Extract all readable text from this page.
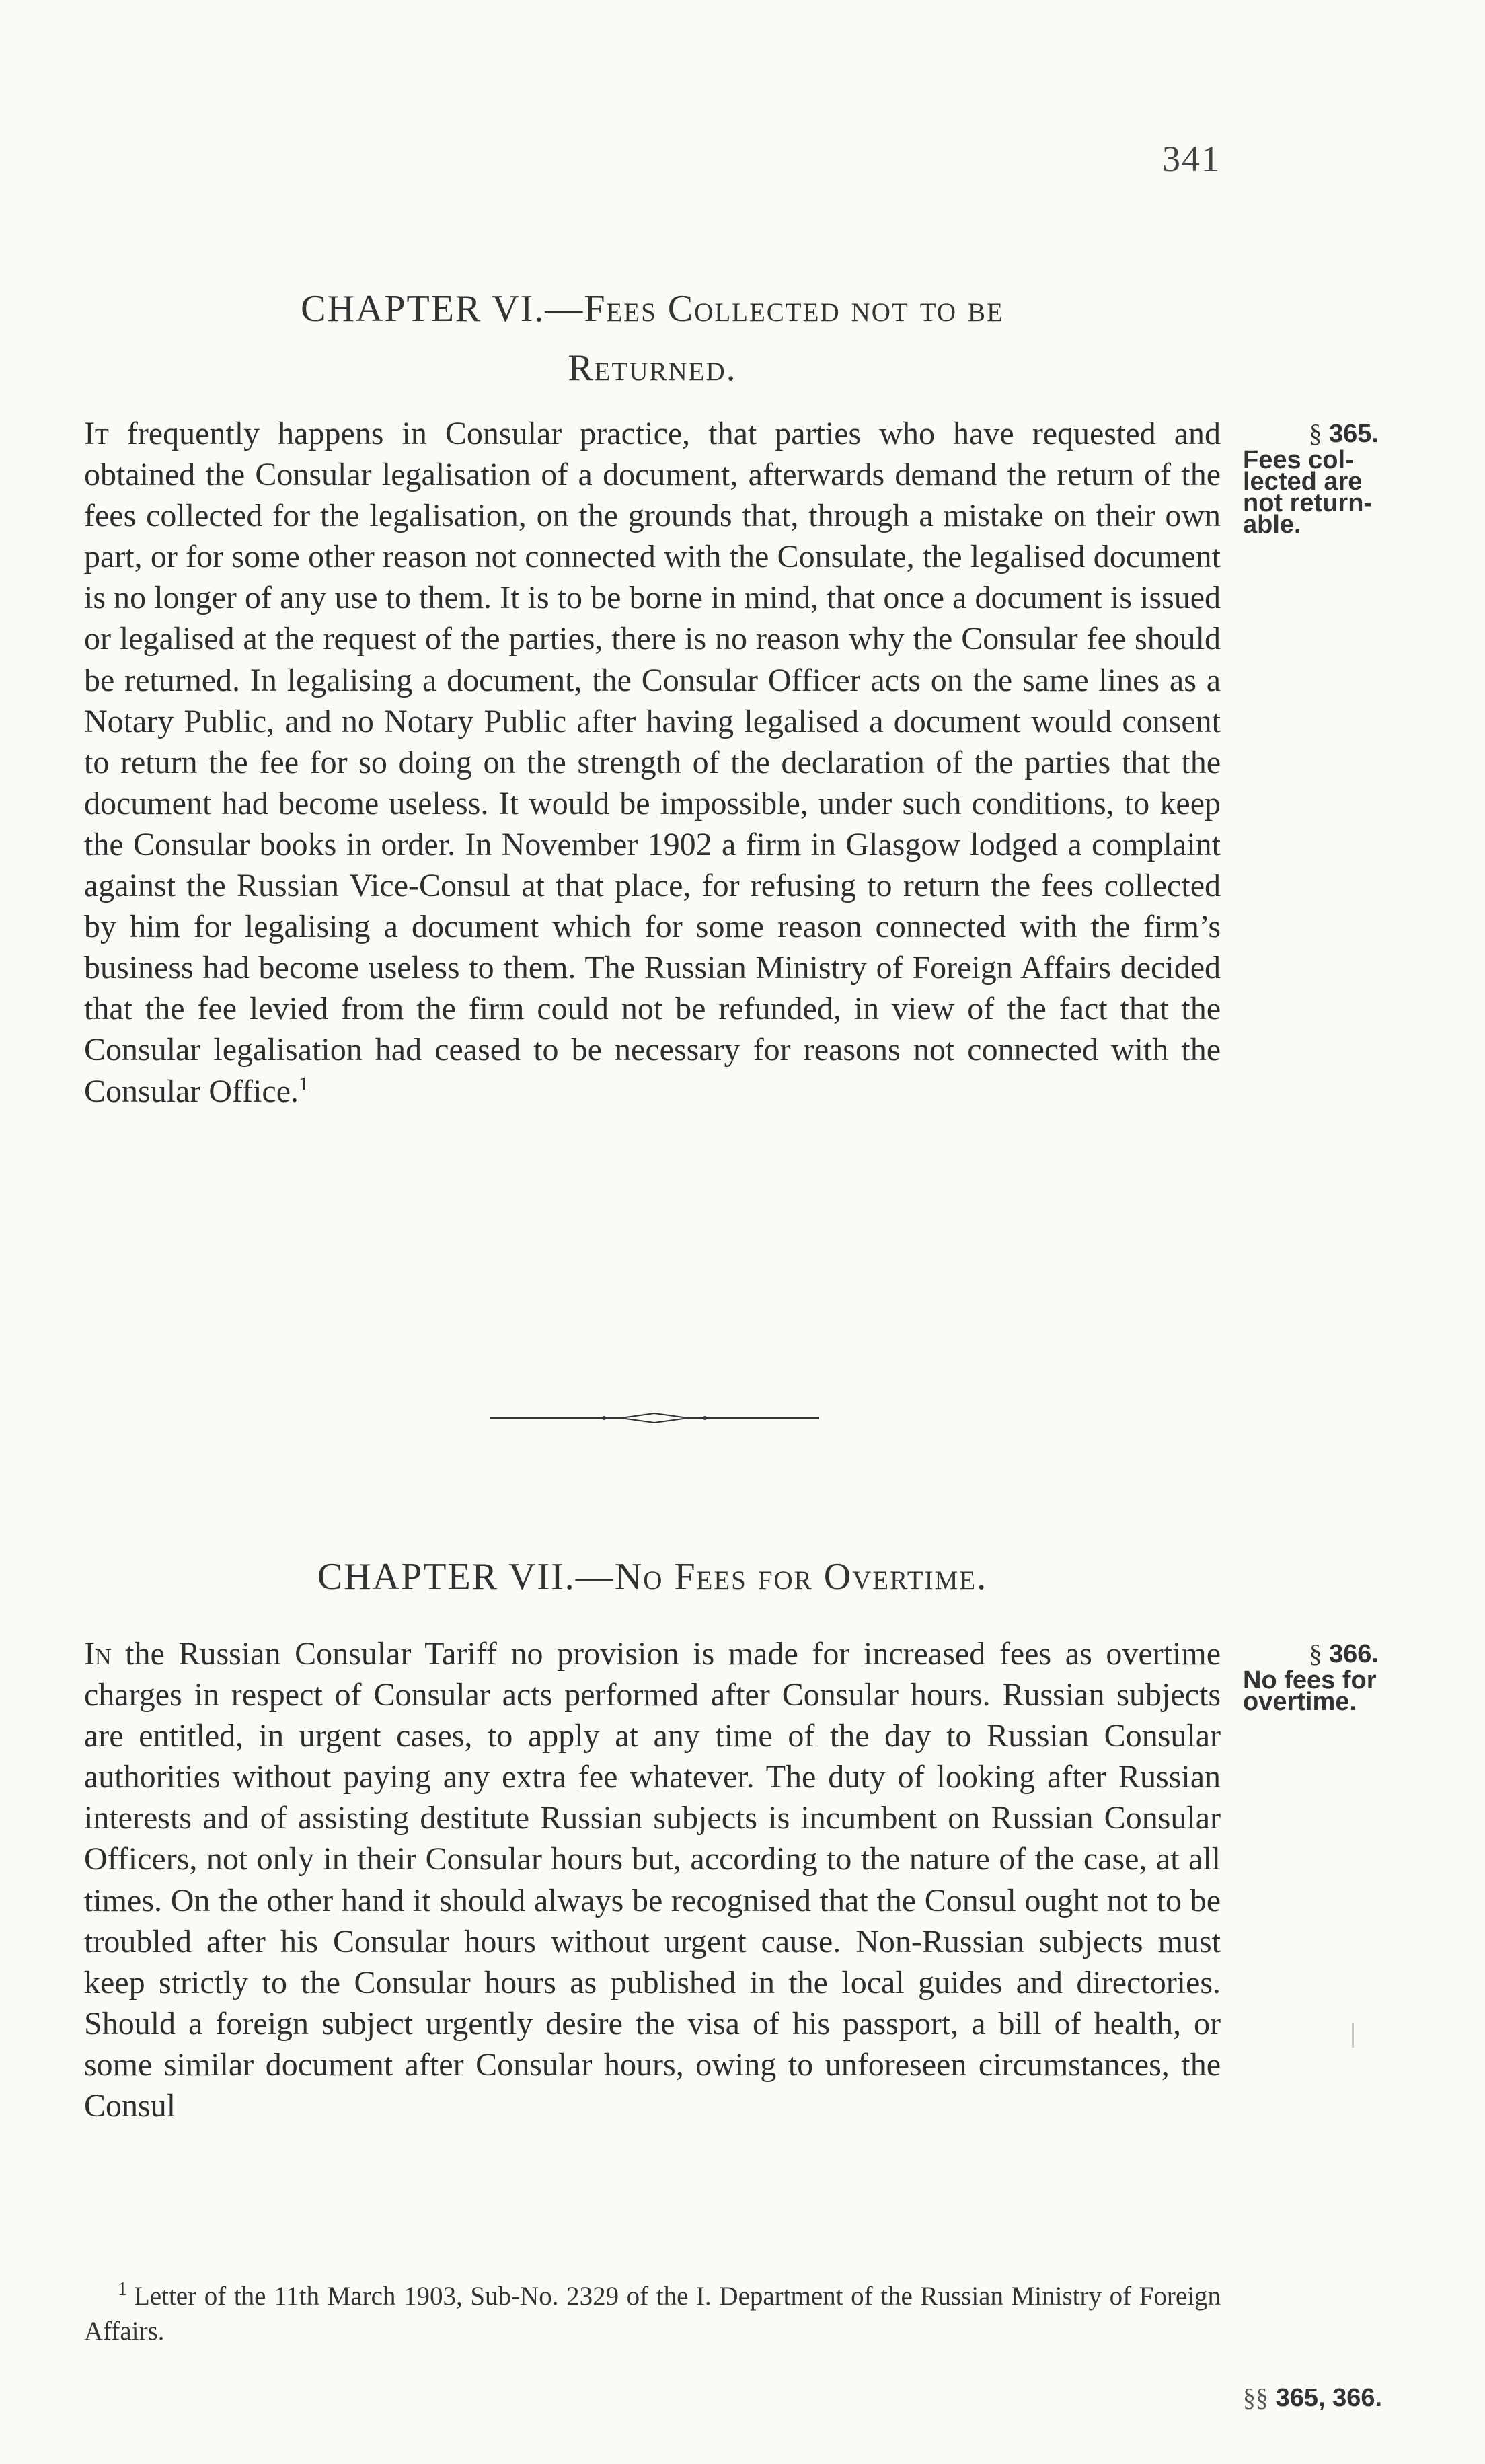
341
CHAPTER VI.—Fees Collected not to be
Returned.
It frequently happens in Consular practice, that parties who have requested and obtained the Consular legalisation of a document, afterwards demand the return of the fees collected for the legalisation, on the grounds that, through a mistake on their own part, or for some other reason not connected with the Consulate, the legalised document is no longer of any use to them. It is to be borne in mind, that once a document is issued or legalised at the request of the parties, there is no reason why the Consular fee should be returned. In legalising a document, the Consular Officer acts on the same lines as a Notary Public, and no Notary Public after having legalised a document would consent to return the fee for so doing on the strength of the declaration of the parties that the document had become useless. It would be impossible, under such conditions, to keep the Consular books in order. In November 1902 a firm in Glasgow lodged a complaint against the Russian Vice-Consul at that place, for refusing to return the fees collected by him for legalising a document which for some reason connected with the firm’s business had become useless to them. The Russian Ministry of Foreign Affairs decided that the fee levied from the firm could not be refunded, in view of the fact that the Consular legalisation had ceased to be necessary for reasons not connected with the Consular Office.$^1$
§ 365.
Fees col-
lected are
not return-
able.
CHAPTER VII.—No Fees for Overtime.
In the Russian Consular Tariff no provision is made for increased fees as overtime charges in respect of Consular acts performed after Consular hours. Russian subjects are entitled, in urgent cases, to apply at any time of the day to Russian Consular authorities without paying any extra fee whatever. The duty of looking after Russian interests and of assisting destitute Russian subjects is incumbent on Russian Consular Officers, not only in their Consular hours but, according to the nature of the case, at all times. On the other hand it should always be recognised that the Consul ought not to be troubled after his Consular hours without urgent cause. Non-Russian subjects must keep strictly to the Consular hours as published in the local guides and directories. Should a foreign subject urgently desire the visa of his passport, a bill of health, or some similar document after Consular hours, owing to unforeseen circumstances, the Consul
§ 366.
No fees for
overtime.
$^1$ Letter of the 11th March 1903, Sub-No. 2329 of the I. Department of the Russian Ministry of Foreign Affairs.
§§ 365, 366.
